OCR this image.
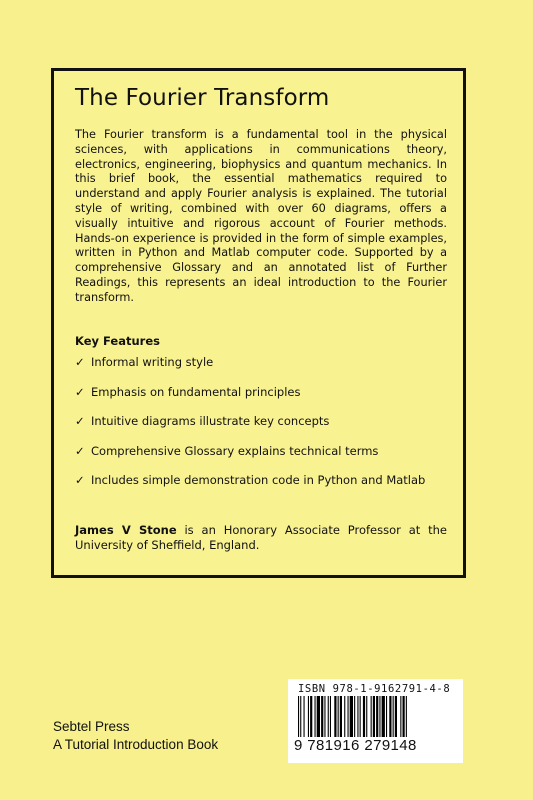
The Fourier Transform

The Fourier transform is a fundamental tool in the physical sciences, with applications in communications theory, electronics, engineering, biophysics and quantum mechanics. In this brief book, the essential mathematics required to understand and apply Fourier analysis is explained. The tutorial style of writing, combined with over 60 diagrams, offers a visually intuitive and rigorous account of Fourier methods. Hands-on experience is provided in the form of simple examples, written in Python and Matlab computer code. Supported by a comprehensive Glossary and an annotated list of Further Readings, this represents an ideal introduction to the Fourier transform.

Key Features
✓ Informal writing style
✓ Emphasis on fundamental principles
✓ Intuitive diagrams illustrate key concepts
✓ Comprehensive Glossary explains technical terms
✓ Includes simple demonstration code in Python and Matlab

James V Stone is an Honorary Associate Professor at the University of Sheffield, England.

Sebtel Press
A Tutorial Introduction Book
ISBN 978-1-9162791-4-8
9 781916 279148
